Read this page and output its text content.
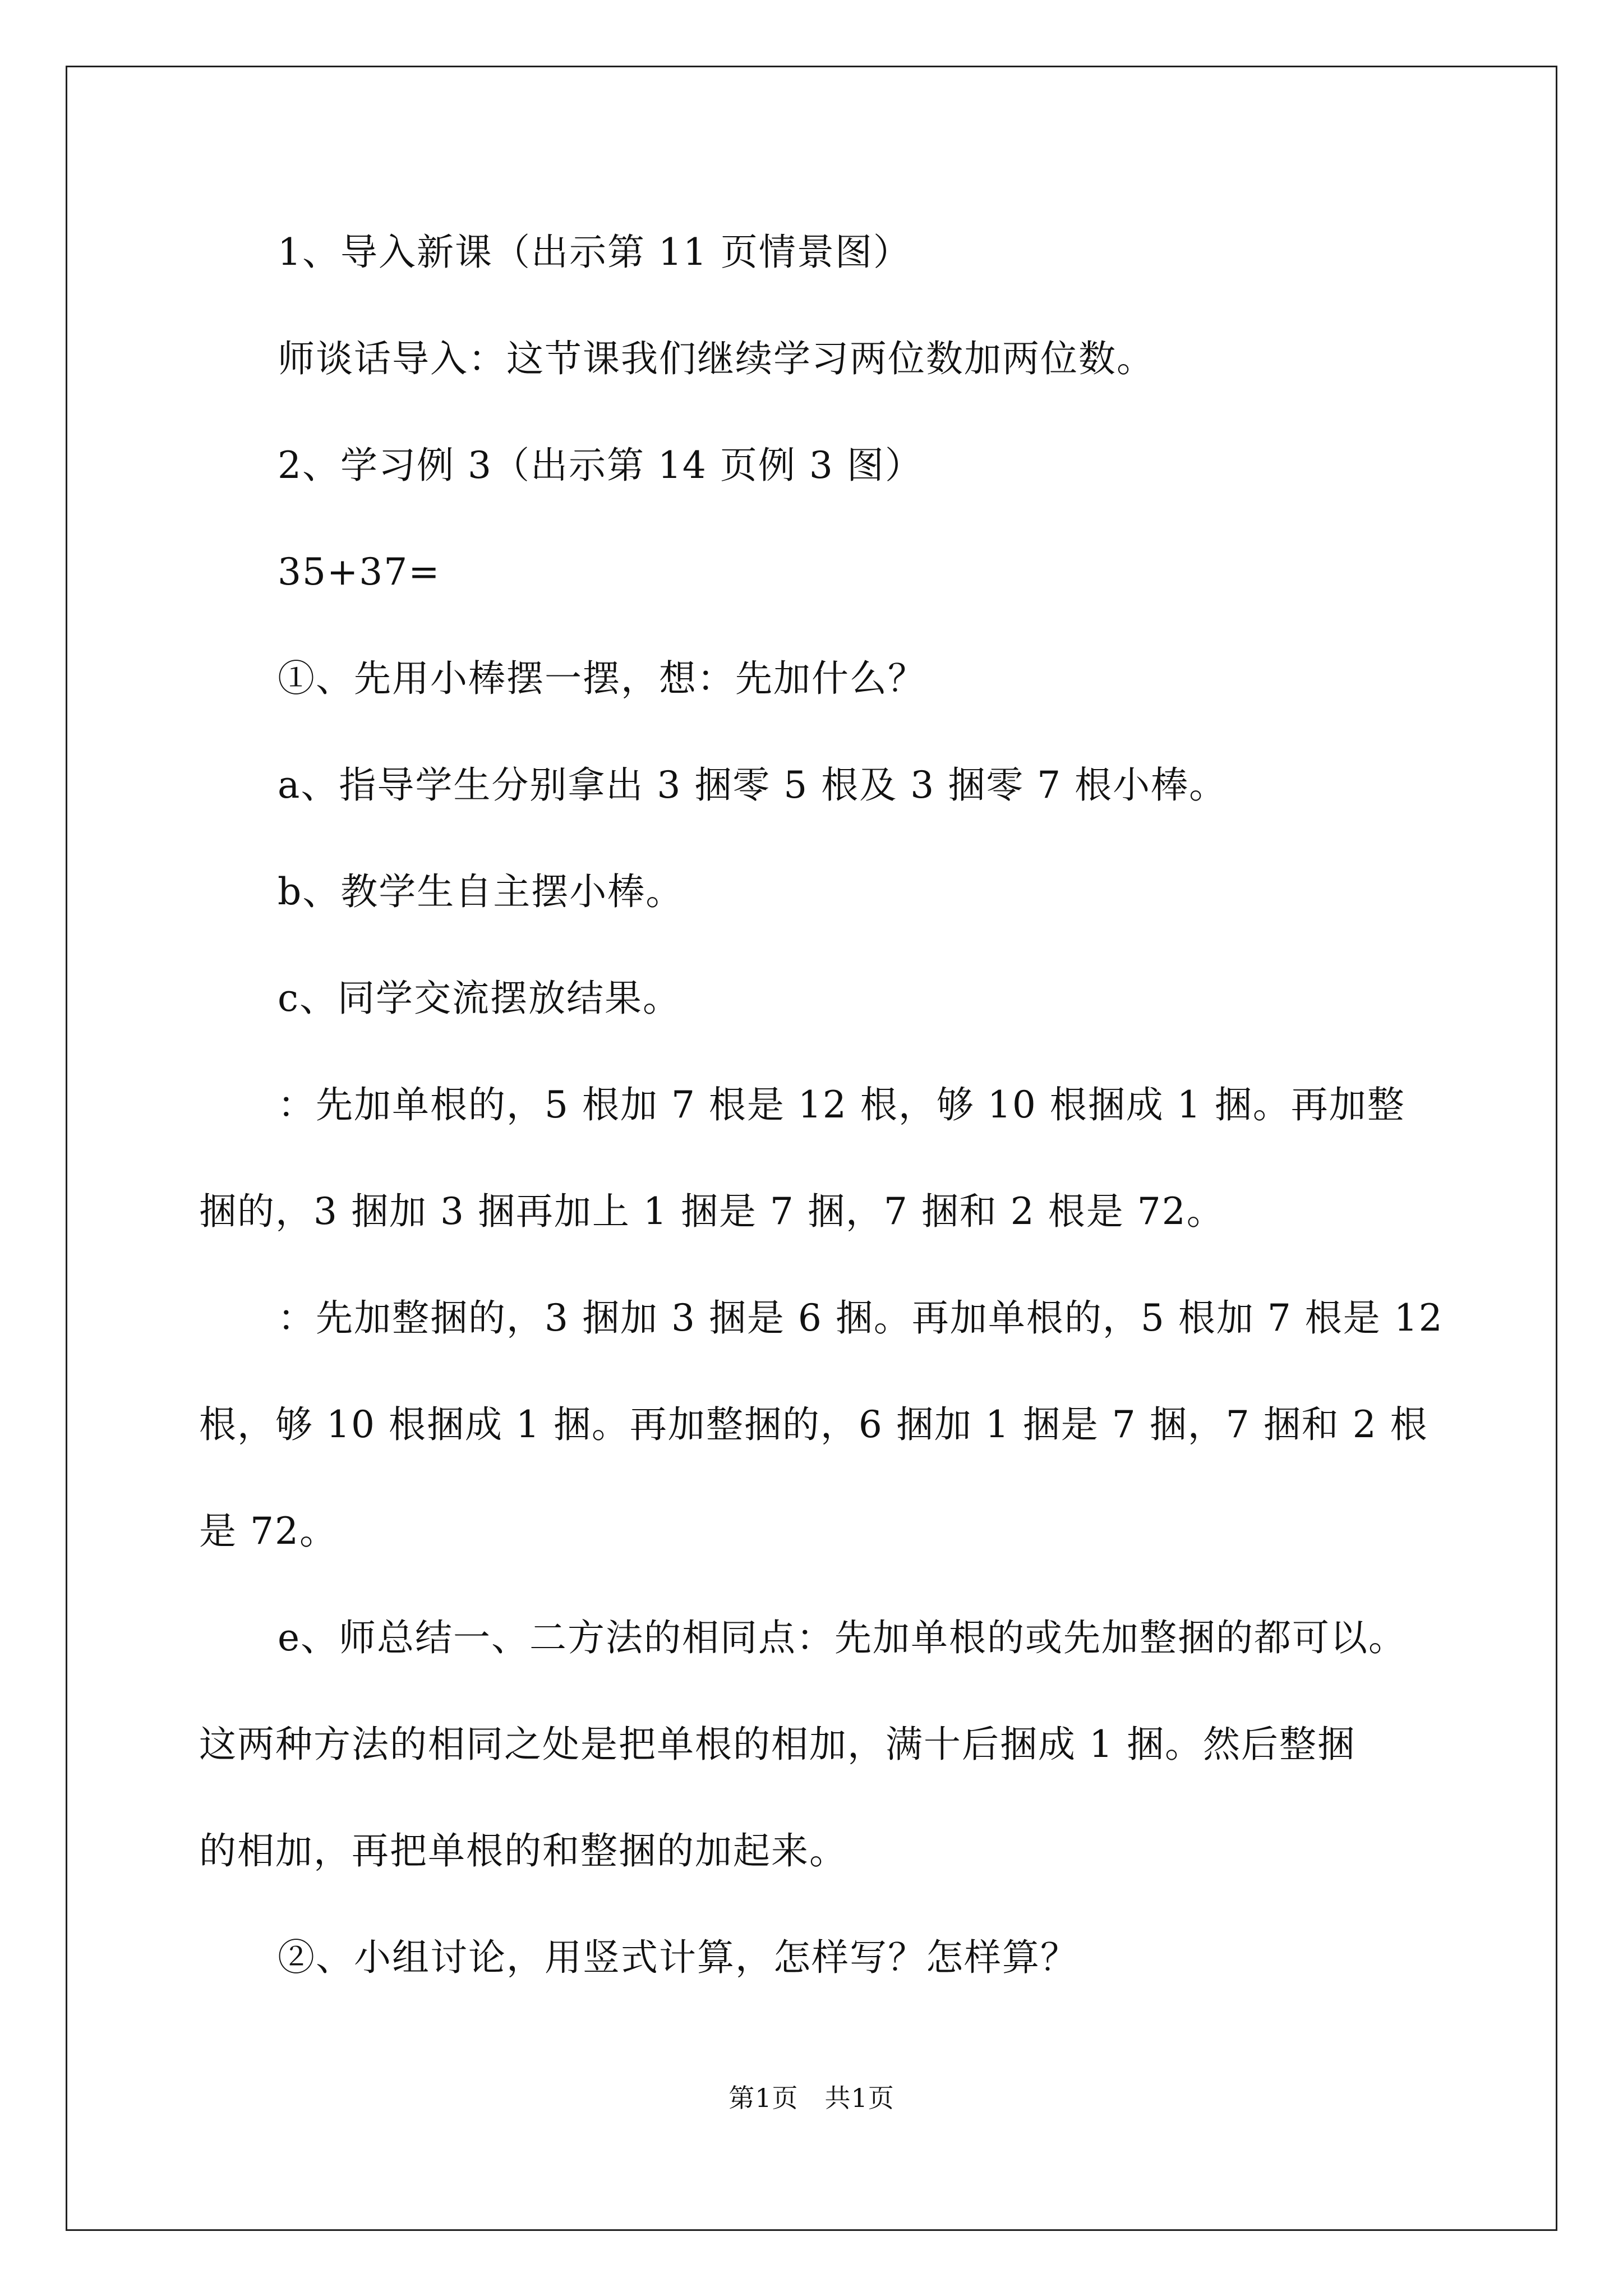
1、导入新课（出示第 11 页情景图）
师谈话导入：这节课我们继续学习两位数加两位数。
2、学习例 3（出示第 14 页例 3 图）
35+37=
①、先用小棒摆一摆，想：先加什么？
a、指导学生分别拿出 3 捆零 5 根及 3 捆零 7 根小棒。
b、教学生自主摆小棒。
c、同学交流摆放结果。
：先加单根的，5 根加 7 根是 12 根，够 10 根捆成 1 捆。再加整
捆的，3 捆加 3 捆再加上 1 捆是 7 捆，7 捆和 2 根是 72。
：先加整捆的，3 捆加 3 捆是 6 捆。再加单根的，5 根加 7 根是 12
根，够 10 根捆成 1 捆。再加整捆的，6 捆加 1 捆是 7 捆，7 捆和 2 根
是 72。
e、师总结一、二方法的相同点：先加单根的或先加整捆的都可以。
这两种方法的相同之处是把单根的相加，满十后捆成 1 捆。然后整捆
的相加，再把单根的和整捆的加起来。
②、小组讨论，用竖式计算，怎样写？怎样算？
第1页　共1页
